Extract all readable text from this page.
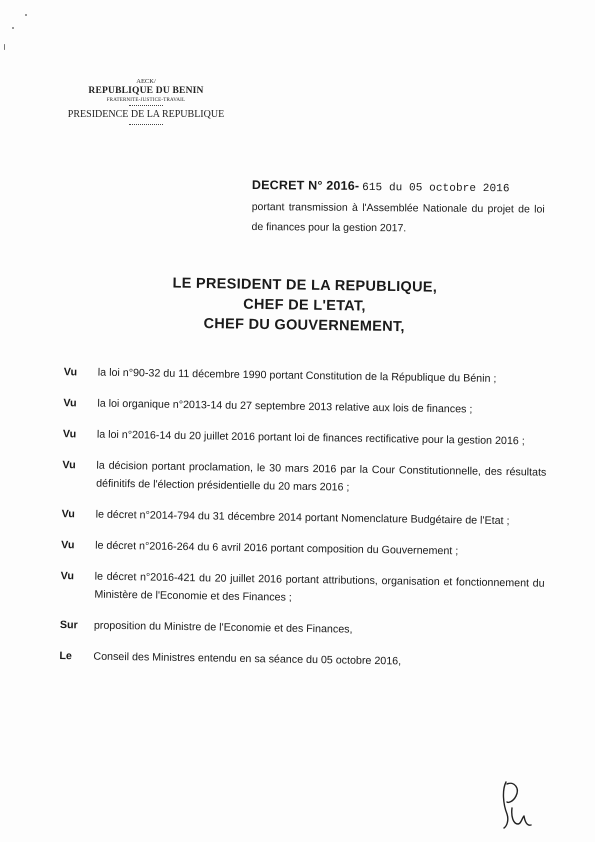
AECK/
REPUBLIQUE DU BENIN
FRATERNITE-JUSTICE-TRAVAIL
PRESIDENCE DE LA REPUBLIQUE
DECRET N° 2016- 615 du 05 octobre 2016
portant transmission à l'Assemblée Nationale du projet de loi de finances pour la gestion 2017.
LE PRESIDENT DE LA REPUBLIQUE,
CHEF DE L'ETAT,
CHEF DU GOUVERNEMENT,
Vu	la loi n°90-32 du 11 décembre 1990 portant Constitution de la République du Bénin ;
Vu	la loi organique n°2013-14 du 27 septembre 2013 relative aux lois de finances ;
Vu	la loi n°2016-14 du 20 juillet 2016 portant loi de finances rectificative pour la gestion 2016 ;
Vu	la décision portant proclamation, le 30 mars 2016 par la Cour Constitutionnelle, des résultats définitifs de l'élection présidentielle du 20 mars 2016 ;
Vu	le décret n°2014-794 du 31 décembre 2014 portant Nomenclature Budgétaire de l'Etat ;
Vu	le décret n°2016-264 du 6 avril 2016 portant composition du Gouvernement ;
Vu	le décret n°2016-421 du 20 juillet 2016 portant attributions, organisation et fonctionnement du Ministère de l'Economie et des Finances ;
Sur	proposition du Ministre de l'Economie et des Finances,
Le	Conseil des Ministres entendu en sa séance du 05 octobre 2016,
